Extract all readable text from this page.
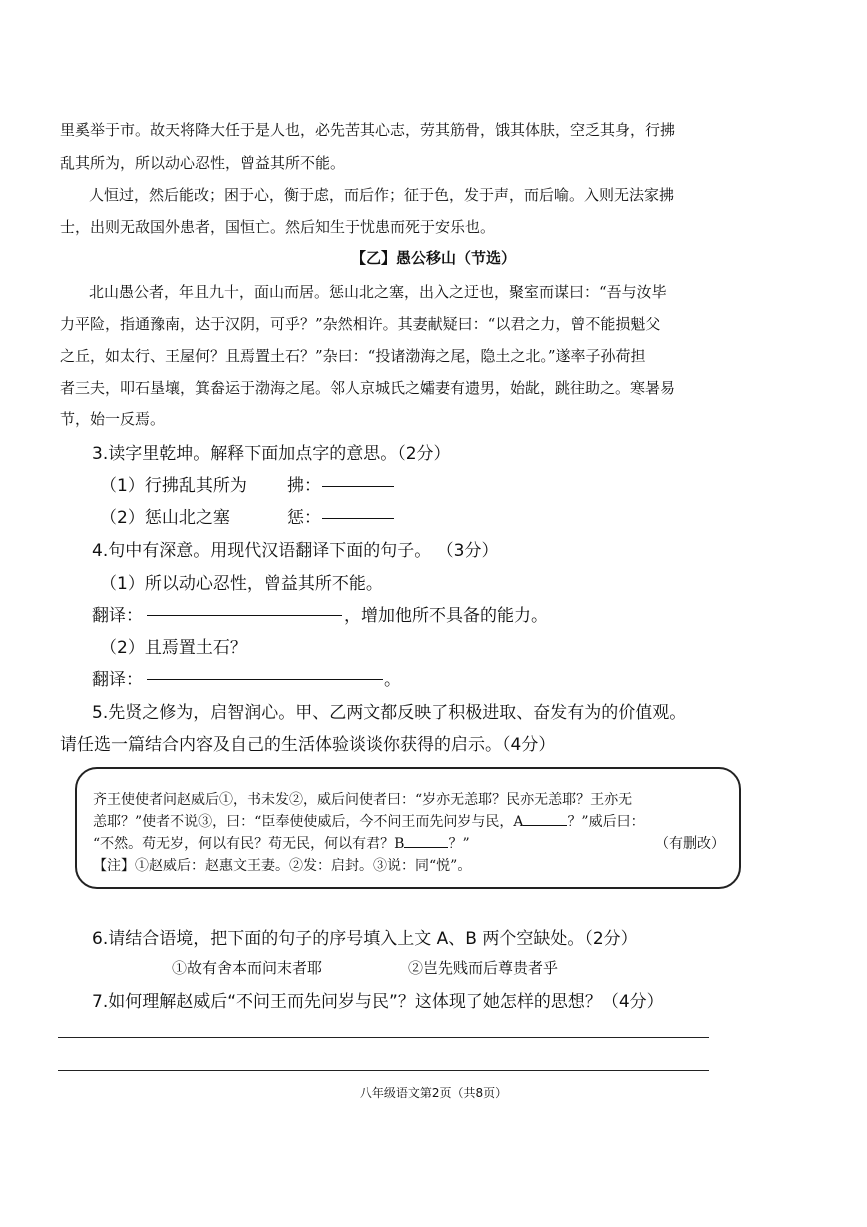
里奚举于市。故天将降大任于是人也，必先苦其心志，劳其筋骨，饿其体肤，空乏其身，行拂
乱其所为，所以动心忍性，曾益其所不能。
人恒过，然后能改；困于心，衡于虑，而后作；征于色，发于声，而后喻。入则无法家拂
士，出则无敌国外患者，国恒亡。然后知生于忧患而死于安乐也。
【乙】愚公移山（节选）
北山愚公者，年且九十，面山而居。惩山北之塞，出入之迂也，聚室而谋曰：“吾与汝毕
力平险，指通豫南，达于汉阴，可乎？”杂然相许。其妻献疑曰：“以君之力，曾不能损魁父
之丘，如太行、王屋何？且焉置土石？”杂曰：“投诸渤海之尾，隐土之北。”遂率子孙荷担
者三夫，叩石垦壤，箕畚运于渤海之尾。邻人京城氏之孀妻有遗男，始龀，跳往助之。寒暑易
节，始一反焉。
3.读字里乾坤。解释下面加点字的意思。（2分）
（1）行拂乱其所为 拂：
（2）惩山北之塞	惩：
4.句中有深意。用现代汉语翻译下面的句子。 （3分）
（1）所以动心忍性，曾益其所不能。
翻译：	，增加他所不具备的能力。
（2）且焉置土石？
翻译：	。
5.先贤之修为，启智润心。甲、乙两文都反映了积极进取、奋发有为的价值观。
请任选一篇结合内容及自己的生活体验谈谈你获得的启示。（4分）
齐王使使者问赵威后①，书未发②，威后问使者曰：“岁亦无恙耶？民亦无恙耶？王亦无
恙耶？”使者不说③，曰：“臣奉使使威后，今不问王而先问岁与民，A	？”威后曰：
“不然。苟无岁，何以有民？苟无民，何以有君？B	？”	（有删改）
【注】①赵威后：赵惠文王妻。②发：启封。③说：同“悦”。
6.请结合语境，把下面的句子的序号填入上文 A、B 两个空缺处。（2分）
①故有舍本而问末者耶	②岂先贱而后尊贵者乎
7.如何理解赵威后“不问王而先问岁与民”？这体现了她怎样的思想？（4分）
八年级语文第2页（共8页）
